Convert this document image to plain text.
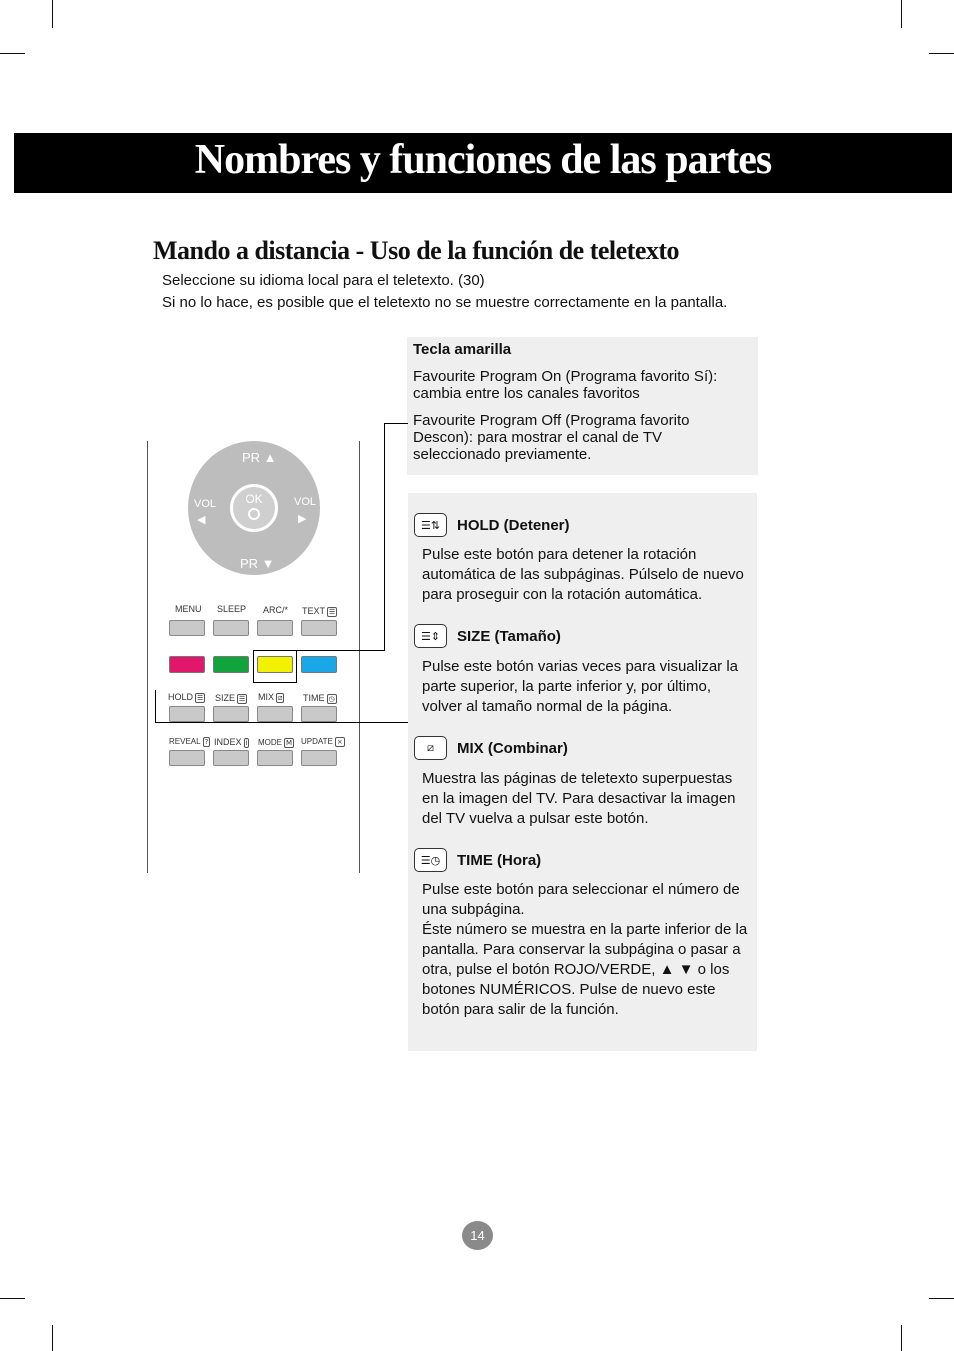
Nombres y funciones de las partes
Mando a distancia - Uso de la función de teletexto
Seleccione su idioma local para el teletexto. (30)
Si no lo hace, es posible que el teletexto no se muestre correctamente en la pantalla.
Tecla amarilla
Favourite Program On (Programa favorito Sí):
cambia entre los canales favoritos
Favourite Program Off (Programa favorito
Descon): para mostrar el canal de TV
seleccionado previamente.
☰⇅	HOLD (Detener)
Pulse este botón para detener la rotación
automática de las subpáginas. Púlselo de nuevo
para proseguir con la rotación automática.
☰⇕	SIZE (Tamaño)
Pulse este botón varias veces para visualizar la
parte superior, la parte inferior y, por último,
volver al tamaño normal de la página.
⧄	MIX (Combinar)
Muestra las páginas de teletexto superpuestas
en la imagen del TV. Para desactivar la imagen
del TV vuelva a pulsar este botón.
☰◷	TIME (Hora)
Pulse este botón para seleccionar el número de
una subpágina.
Éste número se muestra en la parte inferior de la
pantalla. Para conservar la subpágina o pasar a
otra, pulse el botón ROJO/VERDE, ▲ ▼ o los
botones NUMÉRICOS. Pulse de nuevo este
botón para salir de la función.
PR ▲
PR ▼
VOL
◀
VOL
▶
OK
MENU SLEEP ARC/* TEXT ☰
HOLD ☰ SIZE ☰ MIX ⧄ TIME ◷
REVEAL ? INDEX i MODE M UPDATE ×
14
